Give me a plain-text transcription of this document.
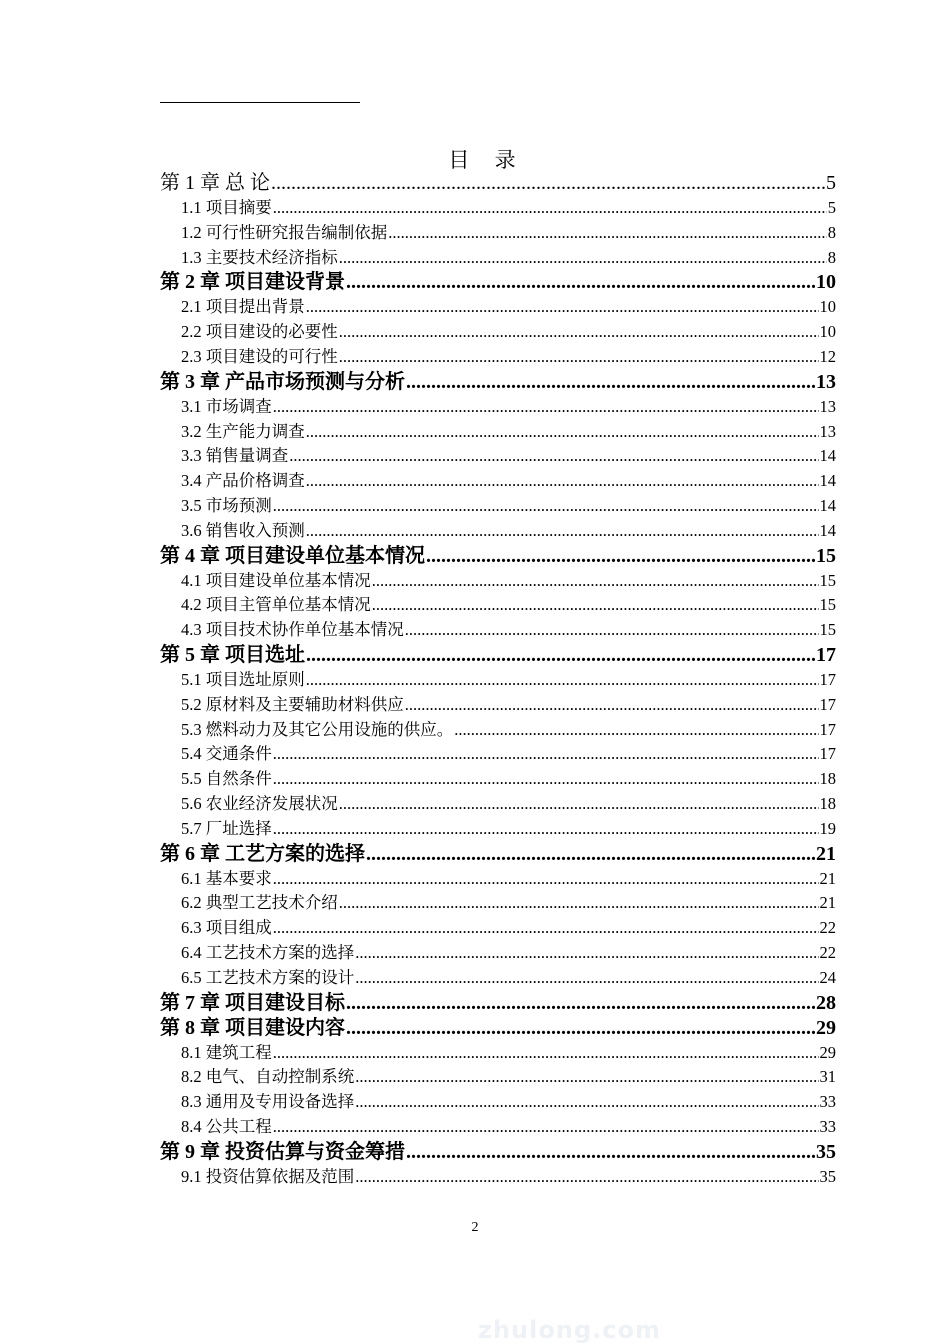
目 录
第 1 章 总 论 .....	5
1.1 项目摘要 .....	5
1.2 可行性研究报告编制依据 .....	8
1.3 主要技术经济指标 .....	8
第 2 章 项目建设背景 .....	10
2.1 项目提出背景 .....	10
2.2 项目建设的必要性 .....	10
2.3 项目建设的可行性 .....	12
第 3 章 产品市场预测与分析 .....	13
3.1 市场调查 .....	13
3.2 生产能力调查 .....	13
3.3 销售量调查 .....	14
3.4 产品价格调查 .....	14
3.5 市场预测 .....	14
3.6 销售收入预测 .....	14
第 4 章 项目建设单位基本情况 .....	15
4.1 项目建设单位基本情况 .....	15
4.2 项目主管单位基本情况 .....	15
4.3 项目技术协作单位基本情况 .....	15
第 5 章 项目选址 .....	17
5.1 项目选址原则 .....	17
5.2 原材料及主要辅助材料供应 .....	17
5.3 燃料动力及其它公用设施的供应。 .....	17
5.4 交通条件 .....	17
5.5 自然条件 .....	18
5.6 农业经济发展状况 .....	18
5.7 厂址选择 .....	19
第 6 章 工艺方案的选择 .....	21
6.1 基本要求 .....	21
6.2 典型工艺技术介绍 .....	21
6.3 项目组成 .....	22
6.4 工艺技术方案的选择 .....	22
6.5 工艺技术方案的设计 .....	24
第 7 章 项目建设目标 .....	28
第 8 章 项目建设内容 .....	29
8.1 建筑工程 .....	29
8.2 电气、自动控制系统 .....	31
8.3 通用及专用设备选择 .....	33
8.4 公共工程 .....	33
第 9 章 投资估算与资金筹措 .....	35
9.1 投资估算依据及范围 .....	35
2
zhulong.com
